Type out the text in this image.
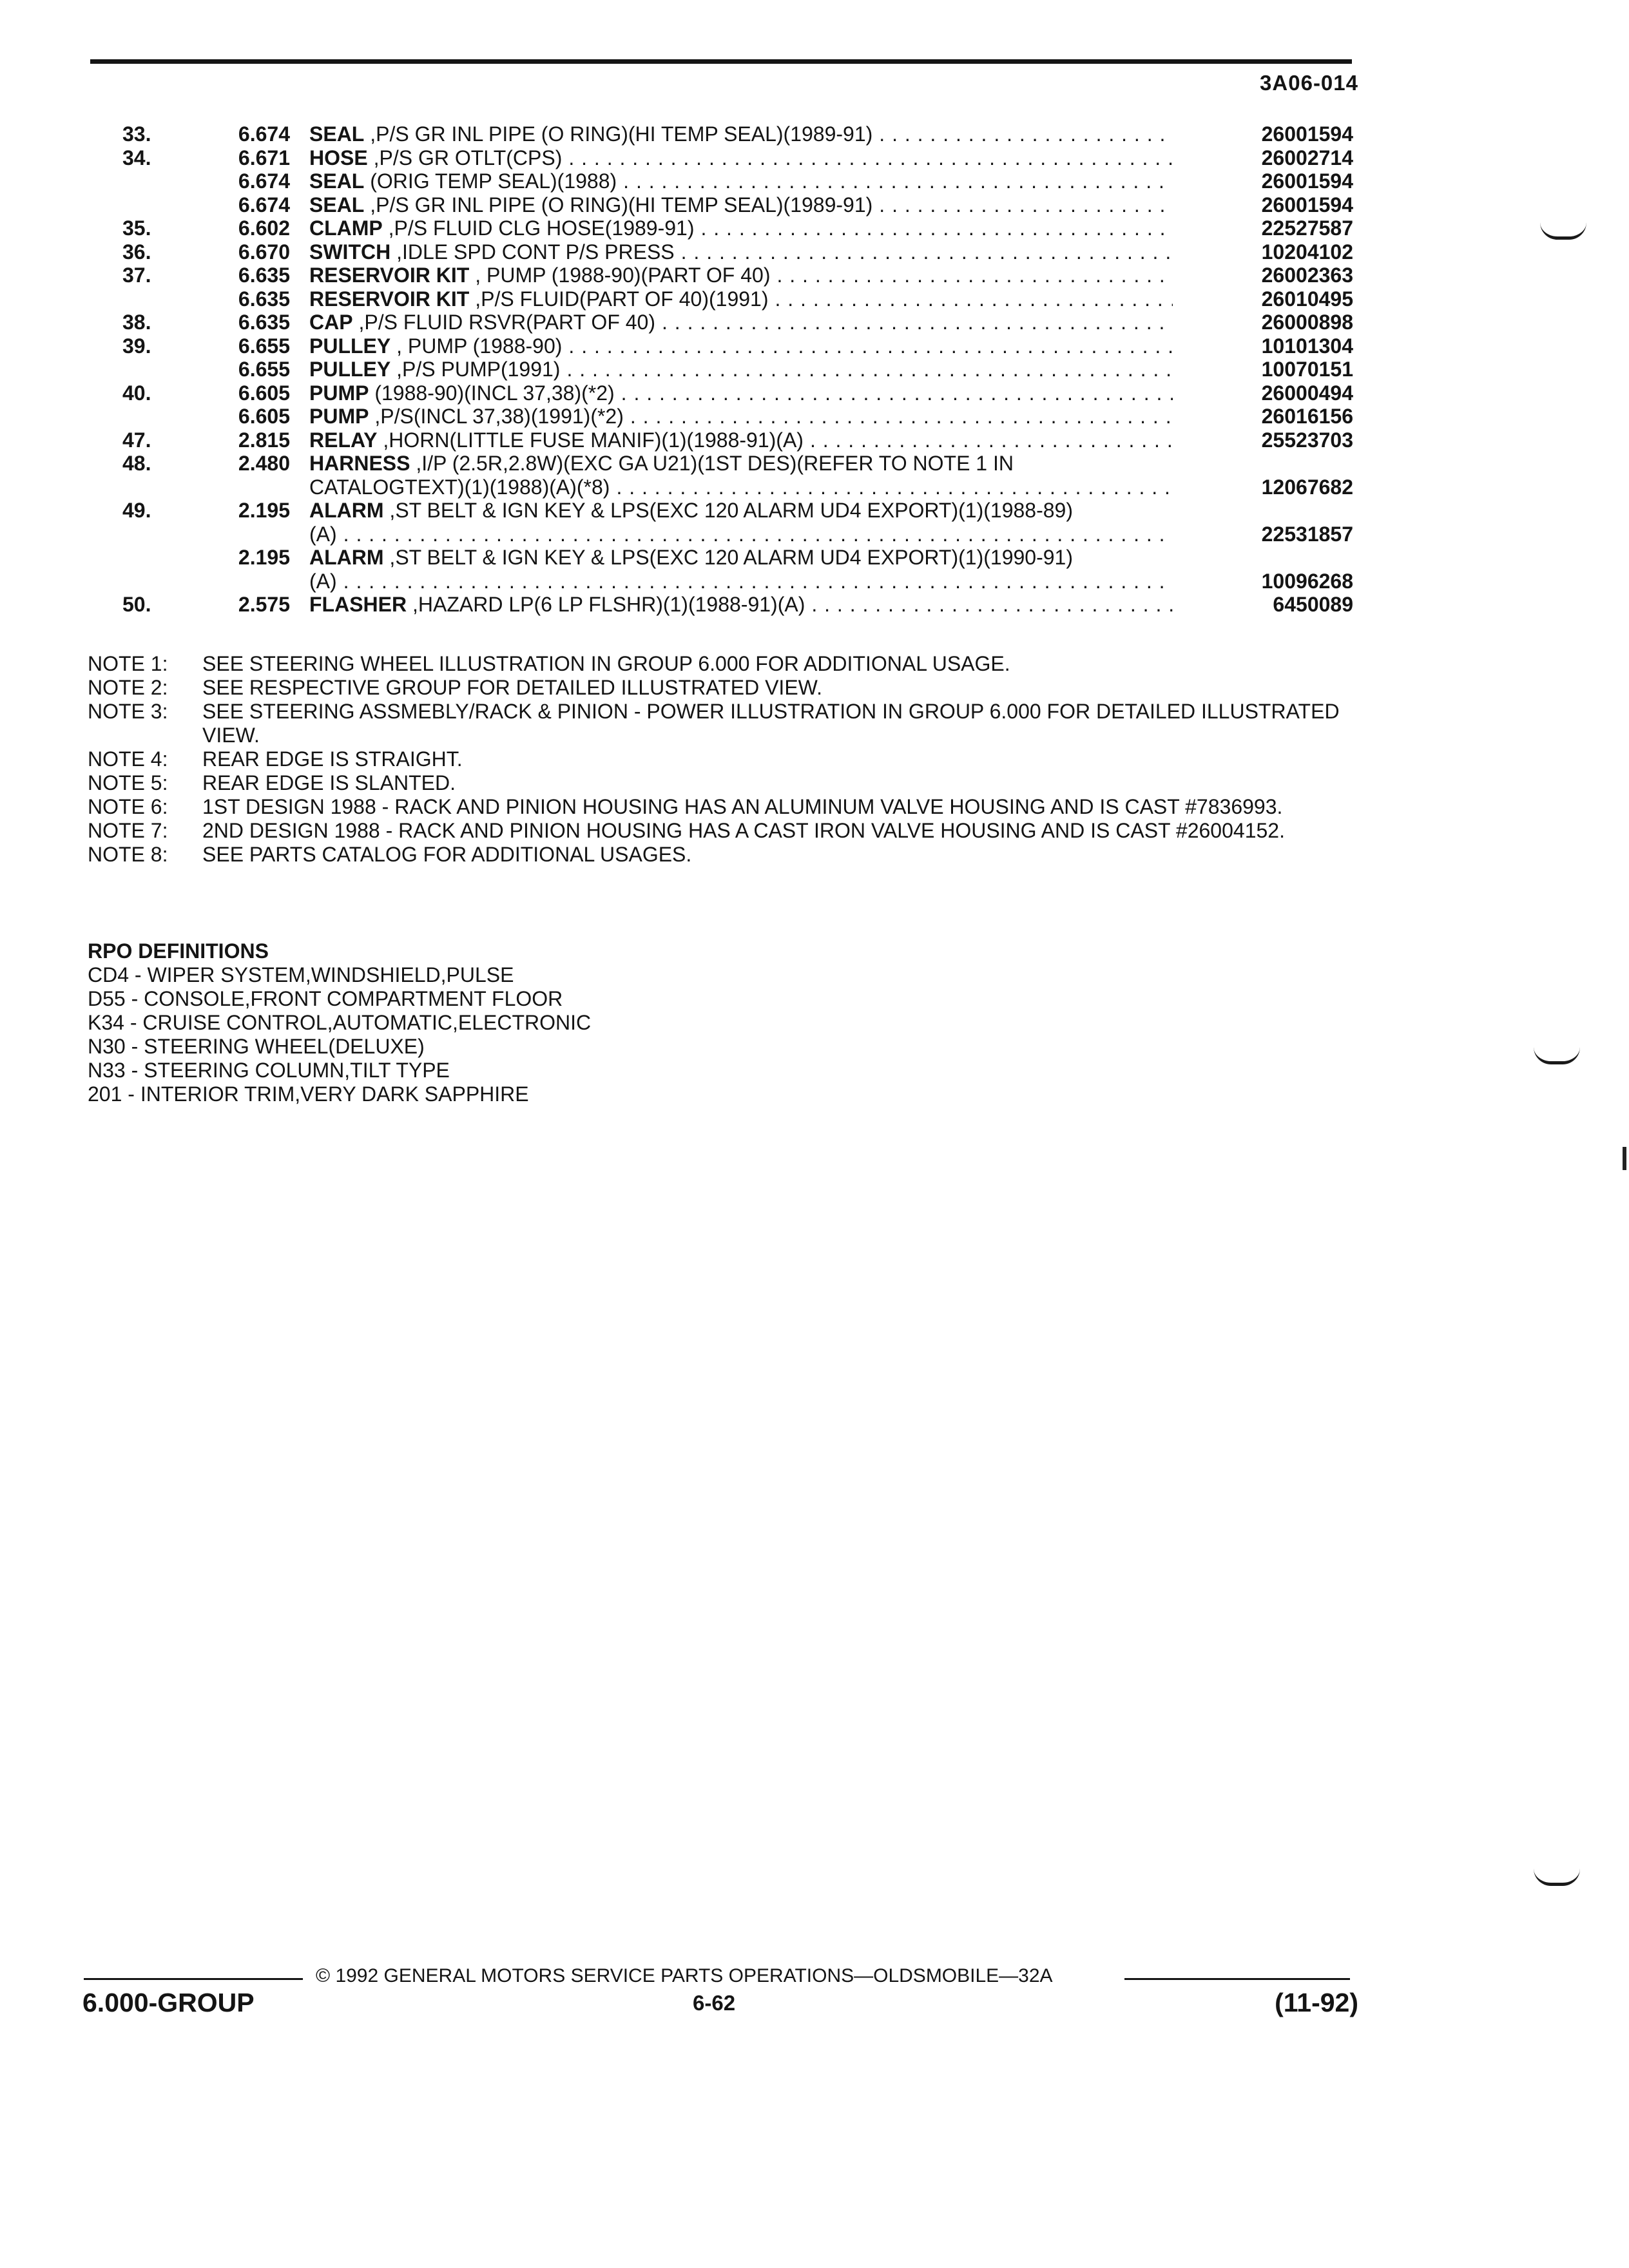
3A06-014
33.	6.674 SEAL ,P/S GR INL PIPE (O RING)(HI TEMP SEAL)(1989-91) . . .	26001594
34.	6.671 HOSE ,P/S GR OTLT(CPS) . . .	26002714
6.674 SEAL (ORIG TEMP SEAL)(1988) . . .	26001594
6.674 SEAL ,P/S GR INL PIPE (O RING)(HI TEMP SEAL)(1989-91) . . .	26001594
35.	6.602 CLAMP ,P/S FLUID CLG HOSE(1989-91) . . .	22527587
36.	6.670 SWITCH ,IDLE SPD CONT P/S PRESS . . .	10204102
37.	6.635 RESERVOIR KIT , PUMP (1988-90)(PART OF 40) . . .	26002363
6.635 RESERVOIR KIT ,P/S FLUID(PART OF 40)(1991) . . .	26010495
38.	6.635 CAP ,P/S FLUID RSVR(PART OF 40) . . .	26000898
39.	6.655 PULLEY , PUMP (1988-90) . . .	10101304
6.655 PULLEY ,P/S PUMP(1991) . . .	10070151
40.	6.605 PUMP (1988-90)(INCL 37,38)(*2) . . .	26000494
6.605 PUMP ,P/S(INCL 37,38)(1991)(*2) . . .	26016156
47.	2.815 RELAY ,HORN(LITTLE FUSE MANIF)(1)(1988-91)(A) . . .	25523703
48.	2.480 HARNESS ,I/P (2.5R,2.8W)(EXC GA U21)(1ST DES)(REFER TO NOTE 1 IN
CATALOGTEXT)(1)(1988)(A)(*8) . . .	12067682
49.	2.195 ALARM ,ST BELT & IGN KEY & LPS(EXC 120 ALARM UD4 EXPORT)(1)(1988-89)
(A) . . .	22531857
2.195 ALARM ,ST BELT & IGN KEY & LPS(EXC 120 ALARM UD4 EXPORT)(1)(1990-91)
(A) . . .	10096268
50.	2.575 FLASHER ,HAZARD LP(6 LP FLSHR)(1)(1988-91)(A) . . .	6450089
NOTE 1:	SEE STEERING WHEEL ILLUSTRATION IN GROUP 6.000 FOR ADDITIONAL USAGE.
NOTE 2:	SEE RESPECTIVE GROUP FOR DETAILED ILLUSTRATED VIEW.
NOTE 3:	SEE STEERING ASSMEBLY/RACK & PINION - POWER ILLUSTRATION IN GROUP 6.000 FOR DETAILED ILLUSTRATED VIEW.
NOTE 4:	REAR EDGE IS STRAIGHT.
NOTE 5:	REAR EDGE IS SLANTED.
NOTE 6:	1ST DESIGN 1988 - RACK AND PINION HOUSING HAS AN ALUMINUM VALVE HOUSING AND IS CAST #7836993.
NOTE 7:	2ND DESIGN 1988 - RACK AND PINION HOUSING HAS A CAST IRON VALVE HOUSING AND IS CAST #26004152.
NOTE 8:	SEE PARTS CATALOG FOR ADDITIONAL USAGES.
RPO DEFINITIONS
CD4 - WIPER SYSTEM,WINDSHIELD,PULSE
D55 - CONSOLE,FRONT COMPARTMENT FLOOR
K34 - CRUISE CONTROL,AUTOMATIC,ELECTRONIC
N30 - STEERING WHEEL(DELUXE)
N33 - STEERING COLUMN,TILT TYPE
201 - INTERIOR TRIM,VERY DARK SAPPHIRE
© 1992 GENERAL MOTORS SERVICE PARTS OPERATIONS—OLDSMOBILE—32A
6.000-GROUP	6-62	(11-92)
